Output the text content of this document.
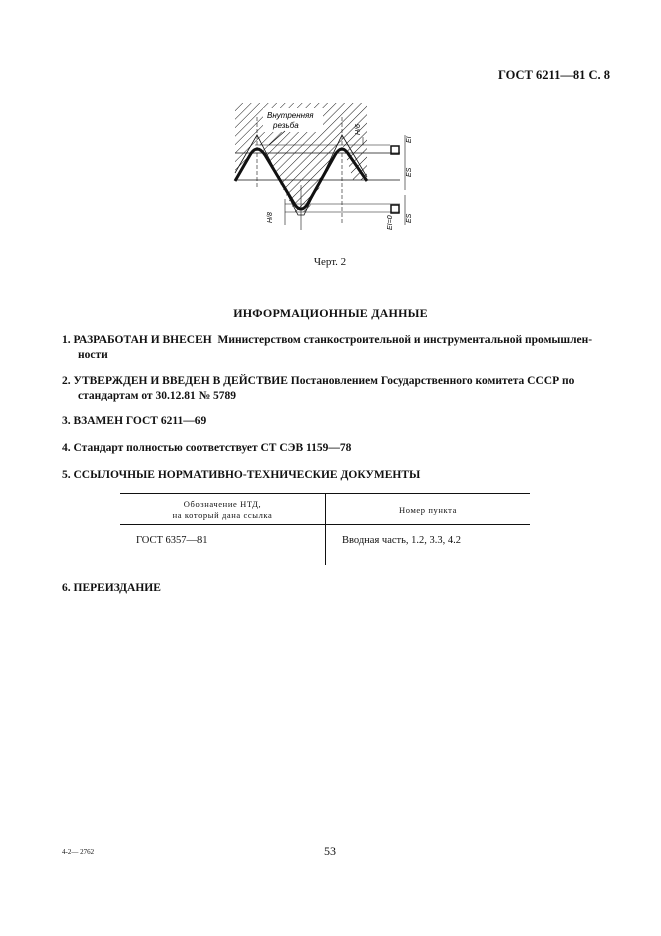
ГОСТ 6211—81 С. 8
Внутренняя
резьба	H/6
EI
ES
EI=0 ES
H/8
Черт. 2
ИНФОРМАЦИОННЫЕ ДАННЫЕ
1. РАЗРАБОТАН И ВНЕСЕН Министерством станкостроительной и инструментальной промышлен-
ности
2. УТВЕРЖДЕН И ВВЕДЕН В ДЕЙСТВИЕ Постановлением Государственного комитета СССР по
стандартам от 30.12.81 № 5789
3. ВЗАМЕН ГОСТ 6211—69
4. Стандарт полностью соответствует СТ СЭВ 1159—78
5. ССЫЛОЧНЫЕ НОРМАТИВНО-ТЕХНИЧЕСКИЕ ДОКУМЕНТЫ
Обозначение НТД,
на который дана ссылка	Номер пункта
ГОСТ 6357—81	Вводная часть, 1.2, 3.3, 4.2
6. ПЕРЕИЗДАНИЕ
4-2— 2762	53
